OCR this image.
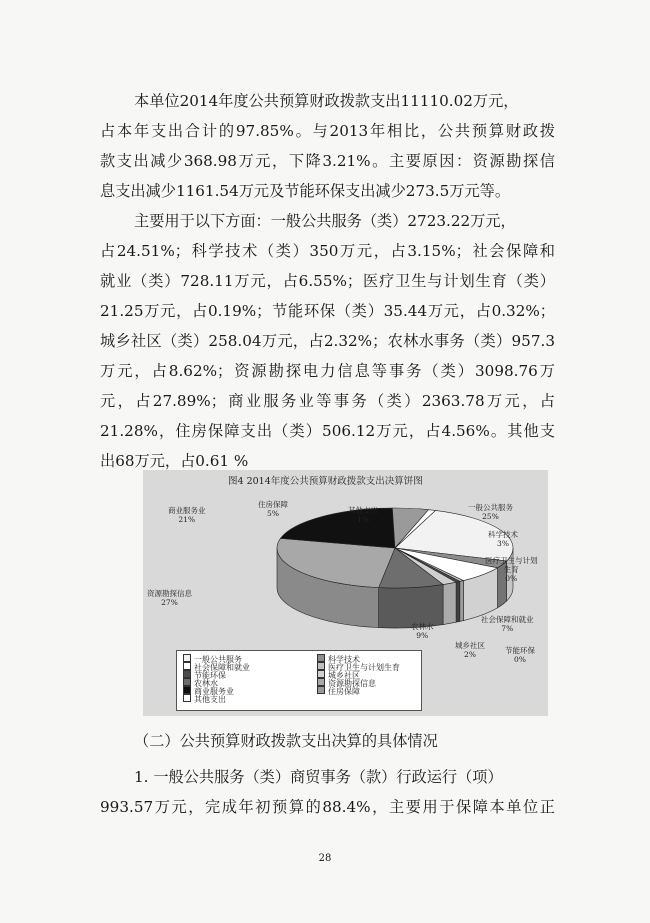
本单位2014年度公共预算财政拨款支出11110.02万元，
占本年支出合计的97.85%。与2013年相比，公共预算财政拨
款支出减少368.98万元，下降3.21%。主要原因：资源勘探信
息支出减少1161.54万元及节能环保支出减少273.5万元等。
主要用于以下方面：一般公共服务（类）2723.22万元，
占24.51%；科学技术（类）350万元，占3.15%；社会保障和
就业（类）728.11万元，占6.55%；医疗卫生与计划生育（类）
21.25万元，占0.19%；节能环保（类）35.44万元，占0.32%；
城乡社区（类）258.04万元，占2.32%；农林水事务（类）957.3
万元，占8.62%；资源勘探电力信息等事务（类）3098.76万
元，占27.89%；商业服务业等事务（类）2363.78万元，占
21.28%，住房保障支出（类）506.12万元，占4.56%。其他支
出68万元，占0.61 %
图4 2014年度公共预算财政拨款支出决算饼图
一般公共服务
25%
科学技术
3%
医疗卫生与计划
生育
0%
社会保障和就业
7%
节能环保
0%
城乡社区
2%
农林水
9%
资源勘探信息
27%
商业服务业
21%
住房保障
5%	其他支出
1%
一般公共服务	科学技术
社会保障和就业	医疗卫生与计划生育
节能环保	城乡社区
农林水	资源勘探信息
商业服务业	住房保障
其他支出
（二）公共预算财政拨款支出决算的具体情况
1. 一般公共服务（类）商贸事务（款）行政运行（项）
993.57万元，完成年初预算的88.4%，主要用于保障本单位正
28
